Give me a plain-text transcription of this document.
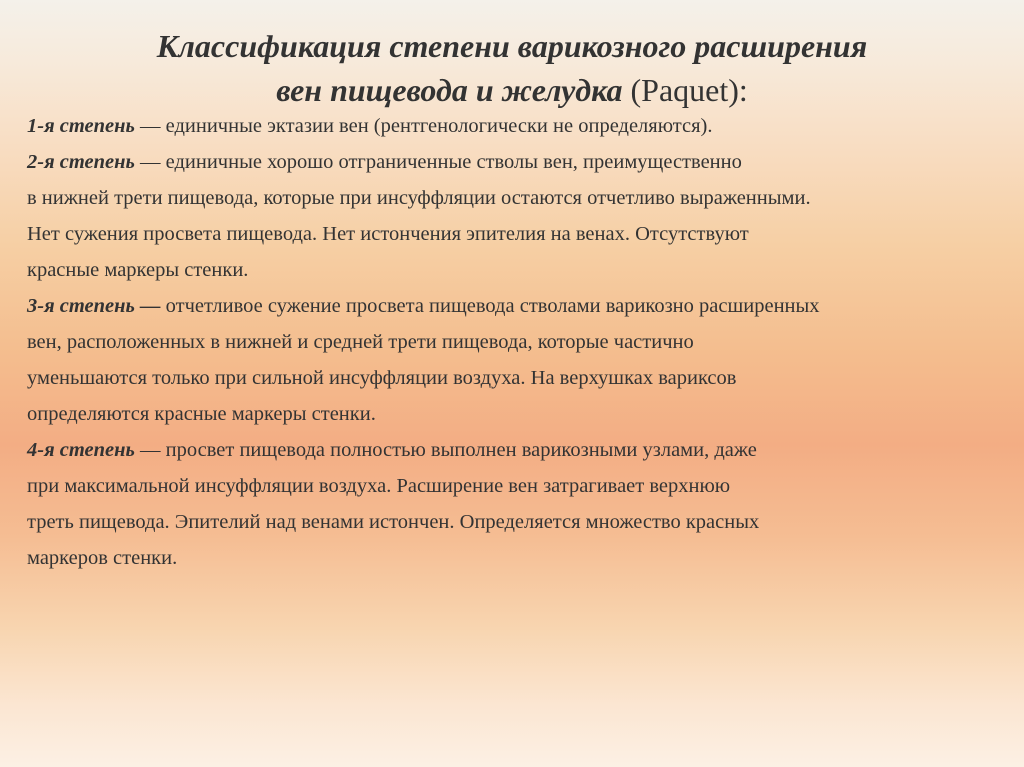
Классификация степени варикозного расширения
вен пищевода и желудка (Paquet):
1-я степень — единичные эктазии вен (рентгенологически не определяются).
2-я степень — единичные хорошо отграниченные стволы вен, преимущественно
в нижней трети пищевода, которые при инсуффляции остаются отчетливо выраженными.
Нет сужения просвета пищевода. Нет истончения эпителия на венах. Отсутствуют
красные маркеры стенки.
3-я степень — отчетливое сужение просвета пищевода стволами варикозно расширенных
вен, расположенных в нижней и средней трети пищевода, которые частично
уменьшаются только при сильной инсуффляции воздуха. На верхушках вариксов
определяются красные маркеры стенки.
4-я степень — просвет пищевода полностью выполнен варикозными узлами, даже
при максимальной инсуффляции воздуха. Расширение вен затрагивает верхнюю
треть пищевода. Эпителий над венами истончен. Определяется множество красных
маркеров стенки.
